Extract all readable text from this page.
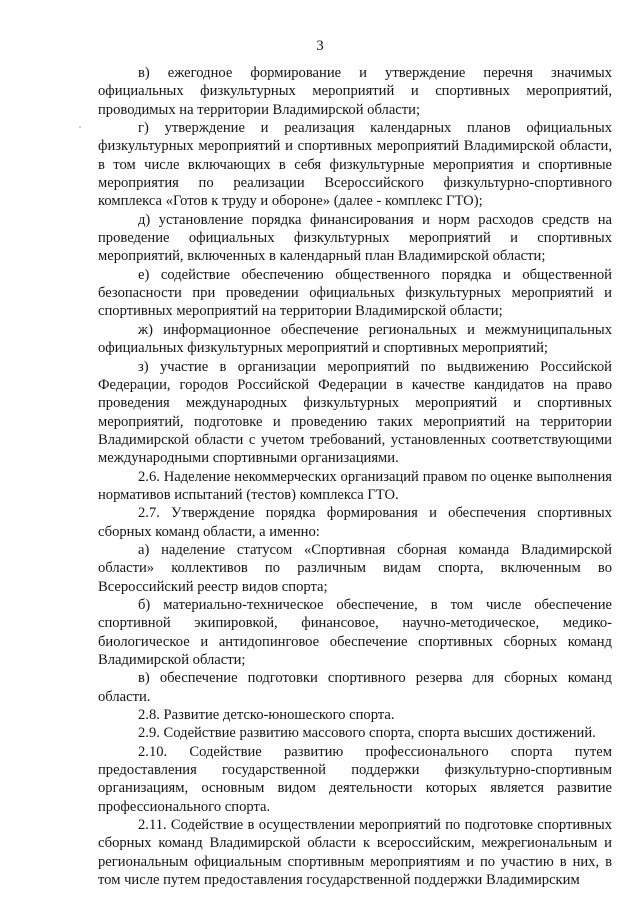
3

в) ежегодное формирование и утверждение перечня значимых официальных физкультурных мероприятий и спортивных мероприятий, проводимых на территории Владимирской области;

г) утверждение и реализация календарных планов официальных физкультурных мероприятий и спортивных мероприятий Владимирской области, в том числе включающих в себя физкультурные мероприятия и спортивные мероприятия по реализации Всероссийского физкультурно-спортивного комплекса «Готов к труду и обороне» (далее - комплекс ГТО);

д) установление порядка финансирования и норм расходов средств на проведение официальных физкультурных мероприятий и спортивных мероприятий, включенных в календарный план Владимирской области;

е) содействие обеспечению общественного порядка и общественной безопасности при проведении официальных физкультурных мероприятий и спортивных мероприятий на территории Владимирской области;

ж) информационное обеспечение региональных и межмуниципальных официальных физкультурных мероприятий и спортивных мероприятий;

з) участие в организации мероприятий по выдвижению Российской Федерации, городов Российской Федерации в качестве кандидатов на право проведения международных физкультурных мероприятий и спортивных мероприятий, подготовке и проведению таких мероприятий на территории Владимирской области с учетом требований, установленных соответствующими международными спортивными организациями.

2.6. Наделение некоммерческих организаций правом по оценке выполнения нормативов испытаний (тестов) комплекса ГТО.

2.7. Утверждение порядка формирования и обеспечения спортивных сборных команд области, а именно:

а) наделение статусом «Спортивная сборная команда Владимирской области» коллективов по различным видам спорта, включенным во Всероссийский реестр видов спорта;

б) материально-техническое обеспечение, в том числе обеспечение спортивной экипировкой, финансовое, научно-методическое, медико-биологическое и антидопинговое обеспечение спортивных сборных команд Владимирской области;

в) обеспечение подготовки спортивного резерва для сборных команд области.

2.8. Развитие детско-юношеского спорта.

2.9. Содействие развитию массового спорта, спорта высших достижений.

2.10. Содействие развитию профессионального спорта путем предоставления государственной поддержки физкультурно-спортивным организациям, основным видом деятельности которых является развитие профессионального спорта.

2.11. Содействие в осуществлении мероприятий по подготовке спортивных сборных команд Владимирской области к всероссийским, межрегиональным и региональным официальным спортивным мероприятиям и по участию в них, в том числе путем предоставления государственной поддержки Владимирским
